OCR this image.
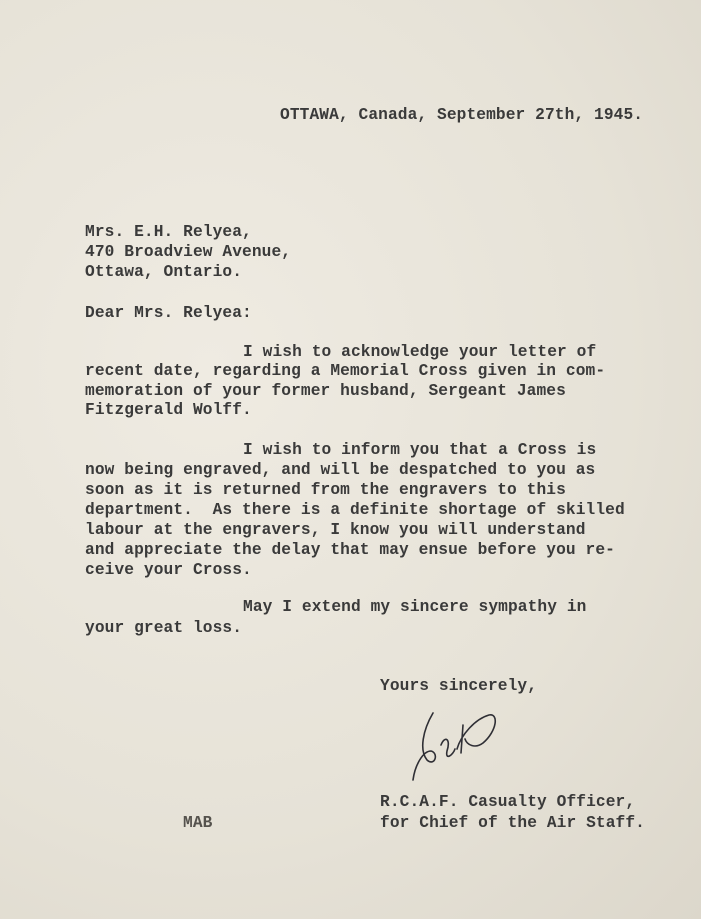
OTTAWA, Canada, September 27th, 1945.
Mrs. E.H. Relyea,
470 Broadview Avenue,
Ottawa, Ontario.
Dear Mrs. Relyea:
I wish to acknowledge your letter of
recent date, regarding a Memorial Cross given in com-
memoration of your former husband, Sergeant James
Fitzgerald Wolff.
I wish to inform you that a Cross is
now being engraved, and will be despatched to you as
soon as it is returned from the engravers to this
department.  As there is a definite shortage of skilled
labour at the engravers, I know you will understand
and appreciate the delay that may ensue before you re-
ceive your Cross.
May I extend my sincere sympathy in
your great loss.
Yours sincerely,
R.C.A.F. Casualty Officer,
for Chief of the Air Staff.
MAB
